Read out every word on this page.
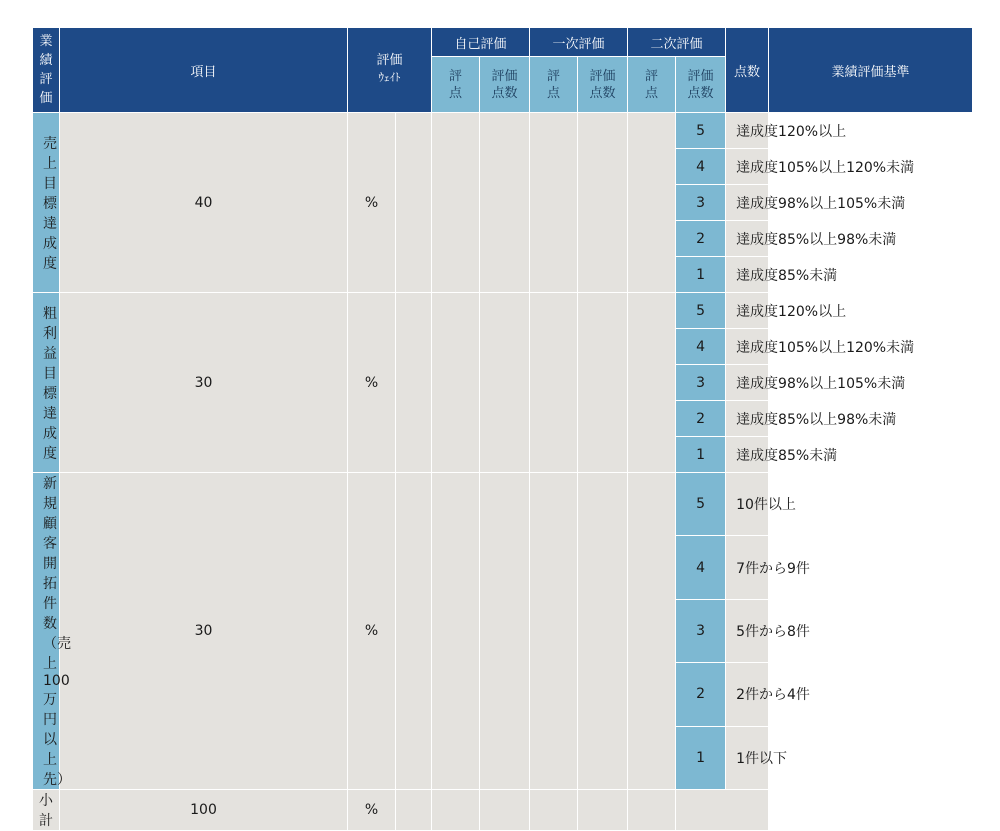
業績評価	項目	評価
ｳｪｲﾄ		自己評価		一次評価		二次評価		点数	業績評価基準
				評点	評価点数	評点	評価点数	評点	評価点数		
売上目標達成度	40	%							5	達成度120%以上	
									4	達成度105%以上120%未満	
									3	達成度98%以上105%未満	
									2	達成度85%以上98%未満	
									1	達成度85%未満	
粗利益目標達成度	30	%							5	達成度120%以上	
									4	達成度105%以上120%未満	
									3	達成度98%以上105%未満	
									2	達成度85%以上98%未満	
									1	達成度85%未満	
新規顧客開拓件数（売上100万円以上先）	30	%							5	10件以上	
									4	7件から9件	
									3	5件から8件	
									2	2件から4件	
									1	1件以下	
小計	100	%									
